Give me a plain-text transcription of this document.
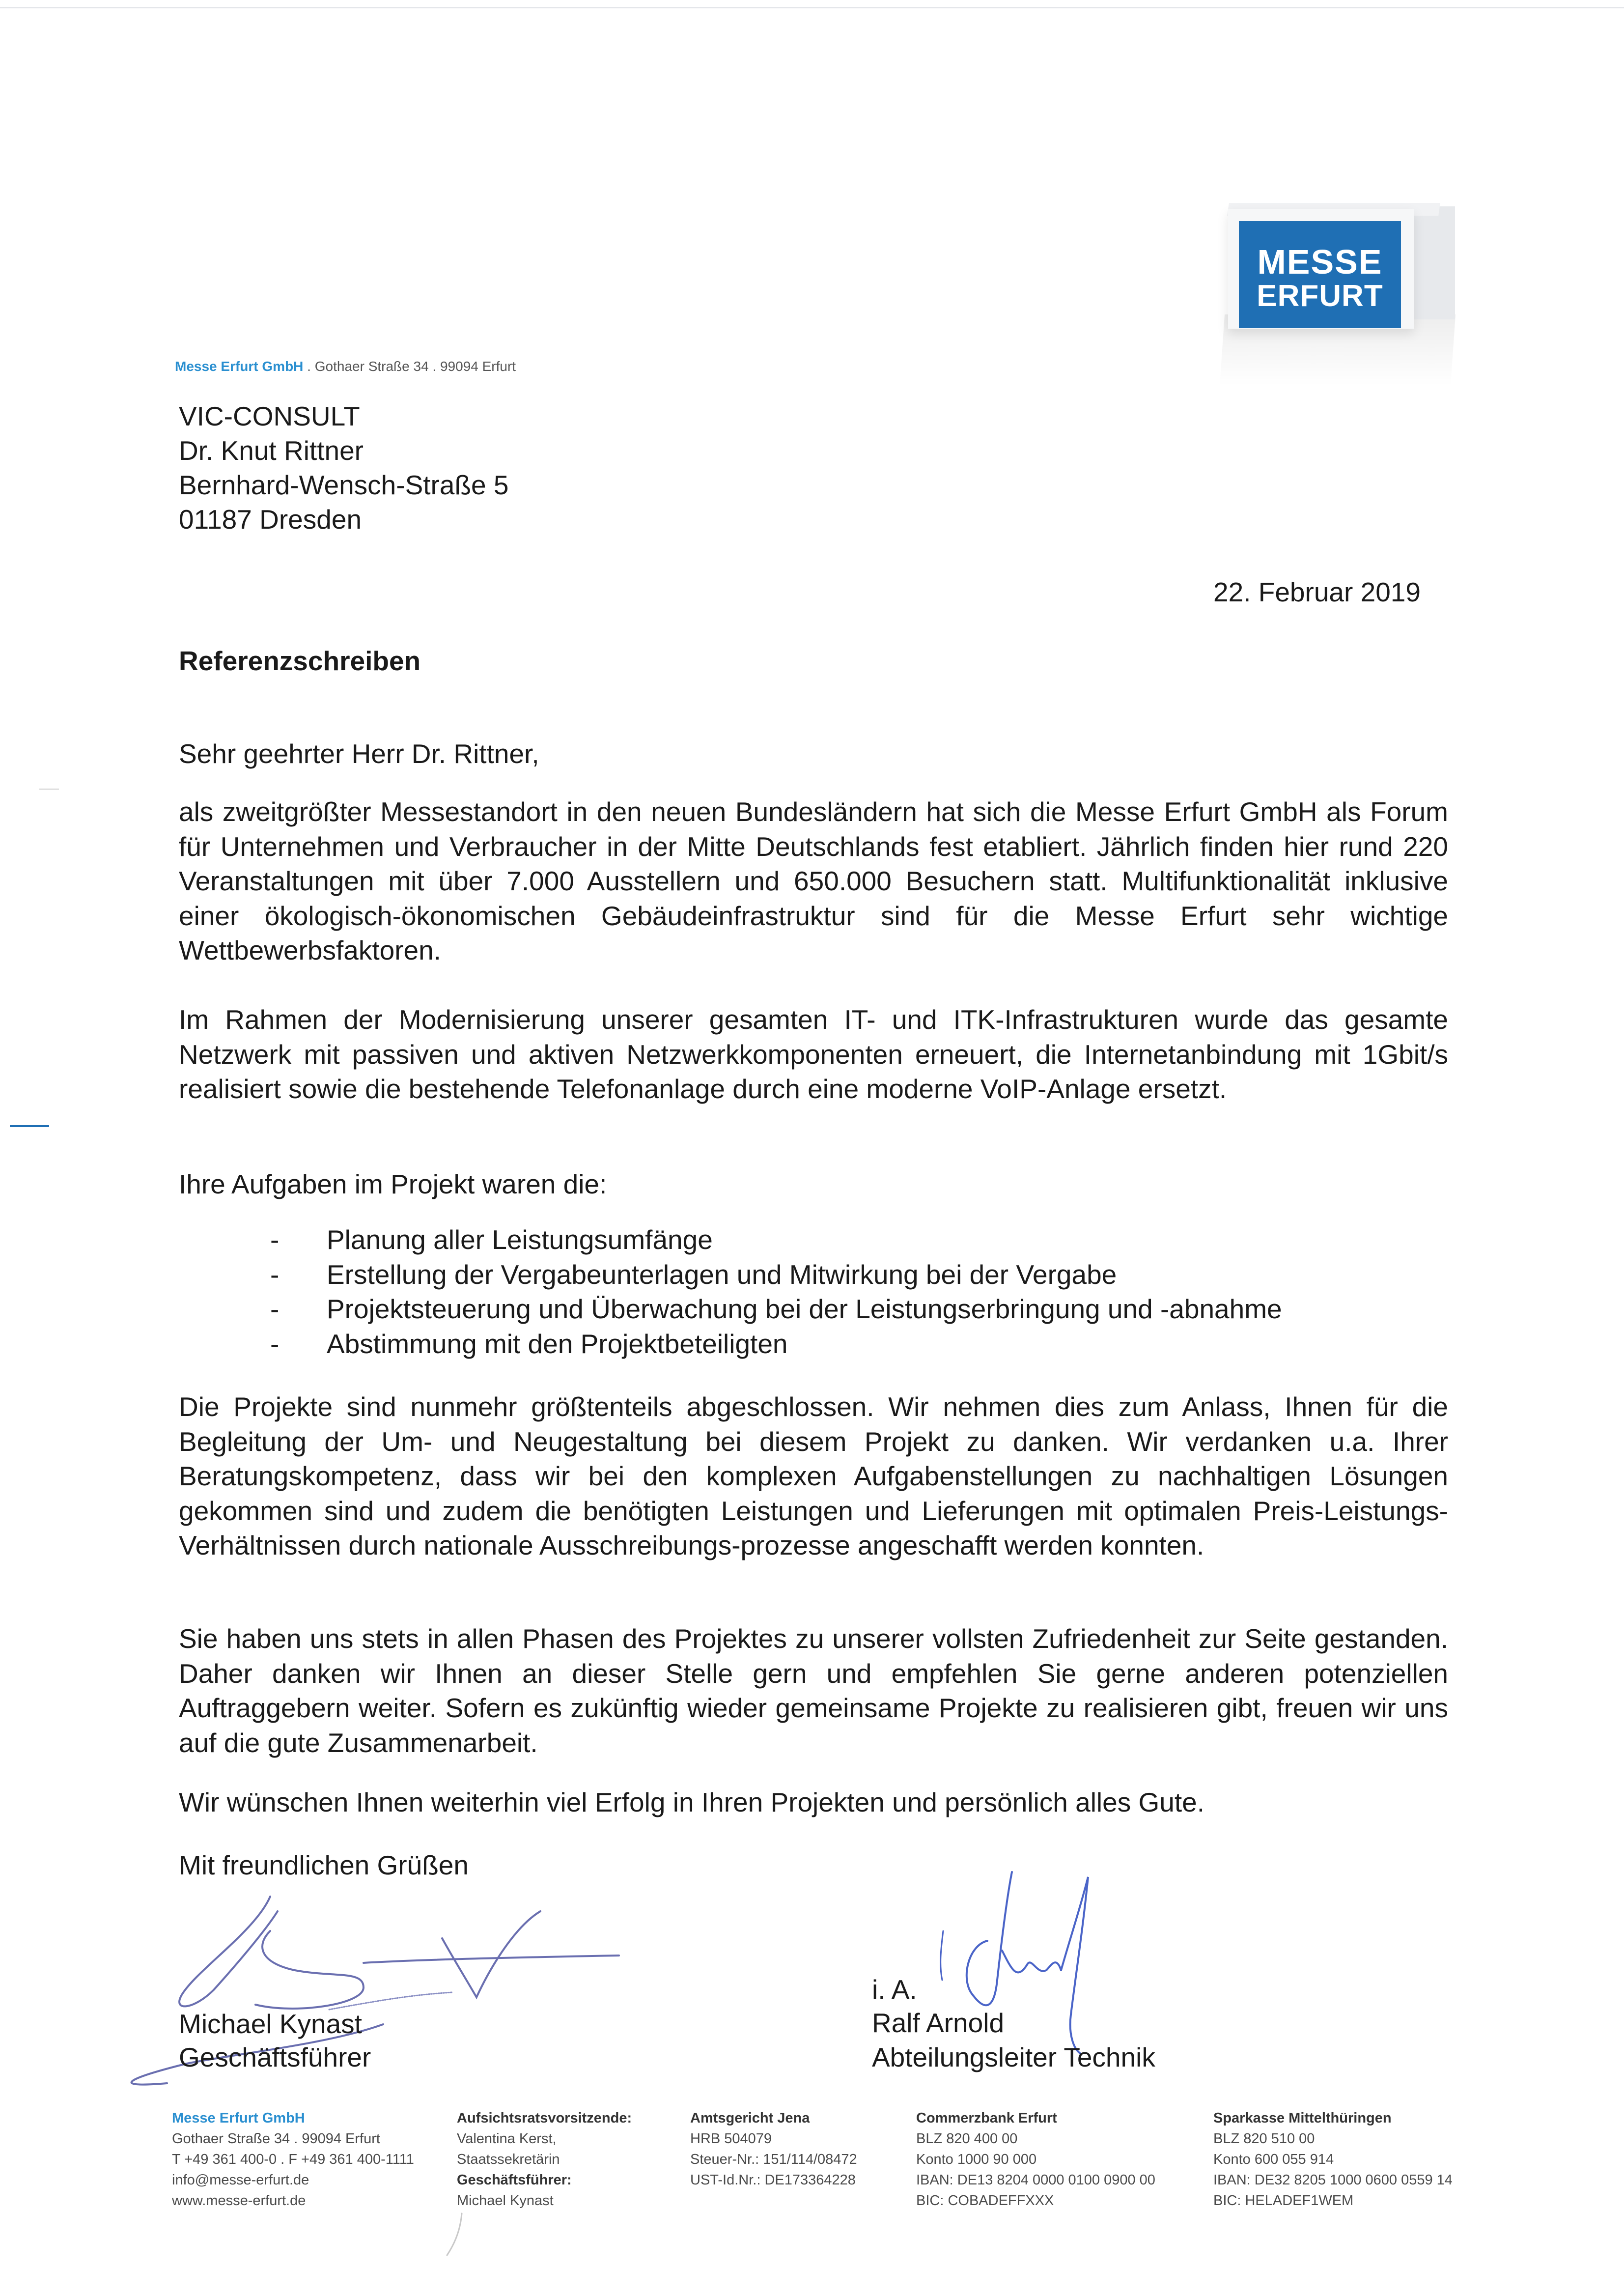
MESSE
ERFURT
Messe Erfurt GmbH . Gothaer Straße 34 . 99094 Erfurt
VIC-CONSULT
Dr. Knut Rittner
Bernhard-Wensch-Straße 5
01187 Dresden
22. Februar 2019
Referenzschreiben
Sehr geehrter Herr Dr. Rittner,
als zweitgrößter Messestandort in den neuen Bundesländern hat sich die Messe Erfurt GmbH als Forum für Unternehmen und Verbraucher in der Mitte Deutschlands fest etabliert. Jährlich finden hier rund 220 Veranstaltungen mit über 7.000 Ausstellern und 650.000 Besuchern statt. Multifunktionalität inklusive einer ökologisch-ökonomischen Gebäudeinfrastruktur sind für die Messe Erfurt sehr wichtige Wettbewerbsfaktoren.
Im Rahmen der Modernisierung unserer gesamten IT- und ITK-Infrastrukturen wurde das gesamte Netzwerk mit passiven und aktiven Netzwerkkomponenten erneuert, die Internetanbindung mit 1Gbit/s realisiert sowie die bestehende Telefonanlage durch eine moderne VoIP-Anlage ersetzt.
Ihre Aufgaben im Projekt waren die:
- Planung aller Leistungsumfänge
- Erstellung der Vergabeunterlagen und Mitwirkung bei der Vergabe
- Projektsteuerung und Überwachung bei der Leistungserbringung und -abnahme
- Abstimmung mit den Projektbeteiligten
Die Projekte sind nunmehr größtenteils abgeschlossen. Wir nehmen dies zum Anlass, Ihnen für die Begleitung der Um- und Neugestaltung bei diesem Projekt zu danken. Wir verdanken u.a. Ihrer Beratungskompetenz, dass wir bei den komplexen Aufgabenstellungen zu nachhaltigen Lösungen gekommen sind und zudem die benötigten Leistungen und Lieferungen mit optimalen Preis-Leistungs-Verhältnissen durch nationale Ausschreibungs-prozesse angeschafft werden konnten.
Sie haben uns stets in allen Phasen des Projektes zu unserer vollsten Zufriedenheit zur Seite gestanden. Daher danken wir Ihnen an dieser Stelle gern und empfehlen Sie gerne anderen potenziellen Auftraggebern weiter. Sofern es zukünftig wieder gemeinsame Projekte zu realisieren gibt, freuen wir uns auf die gute Zusammenarbeit.
Wir wünschen Ihnen weiterhin viel Erfolg in Ihren Projekten und persönlich alles Gute.
Mit freundlichen Grüßen
Michael Kynast
Geschäftsführer
i. A.
Ralf Arnold
Abteilungsleiter Technik
Messe Erfurt GmbH
Gothaer Straße 34 . 99094 Erfurt
T +49 361 400-0 . F +49 361 400-1111
info@messe-erfurt.de
www.messe-erfurt.de
Aufsichtsratsvorsitzende:
Valentina Kerst,
Staatssekretärin
Geschäftsführer:
Michael Kynast
Amtsgericht Jena
HRB 504079
Steuer-Nr.: 151/114/08472
UST-Id.Nr.: DE173364228
Commerzbank Erfurt
BLZ 820 400 00
Konto 1000 90 000
IBAN: DE13 8204 0000 0100 0900 00
BIC: COBADEFFXXX
Sparkasse Mittelthüringen
BLZ 820 510 00
Konto 600 055 914
IBAN: DE32 8205 1000 0600 0559 14
BIC: HELADEF1WEM
